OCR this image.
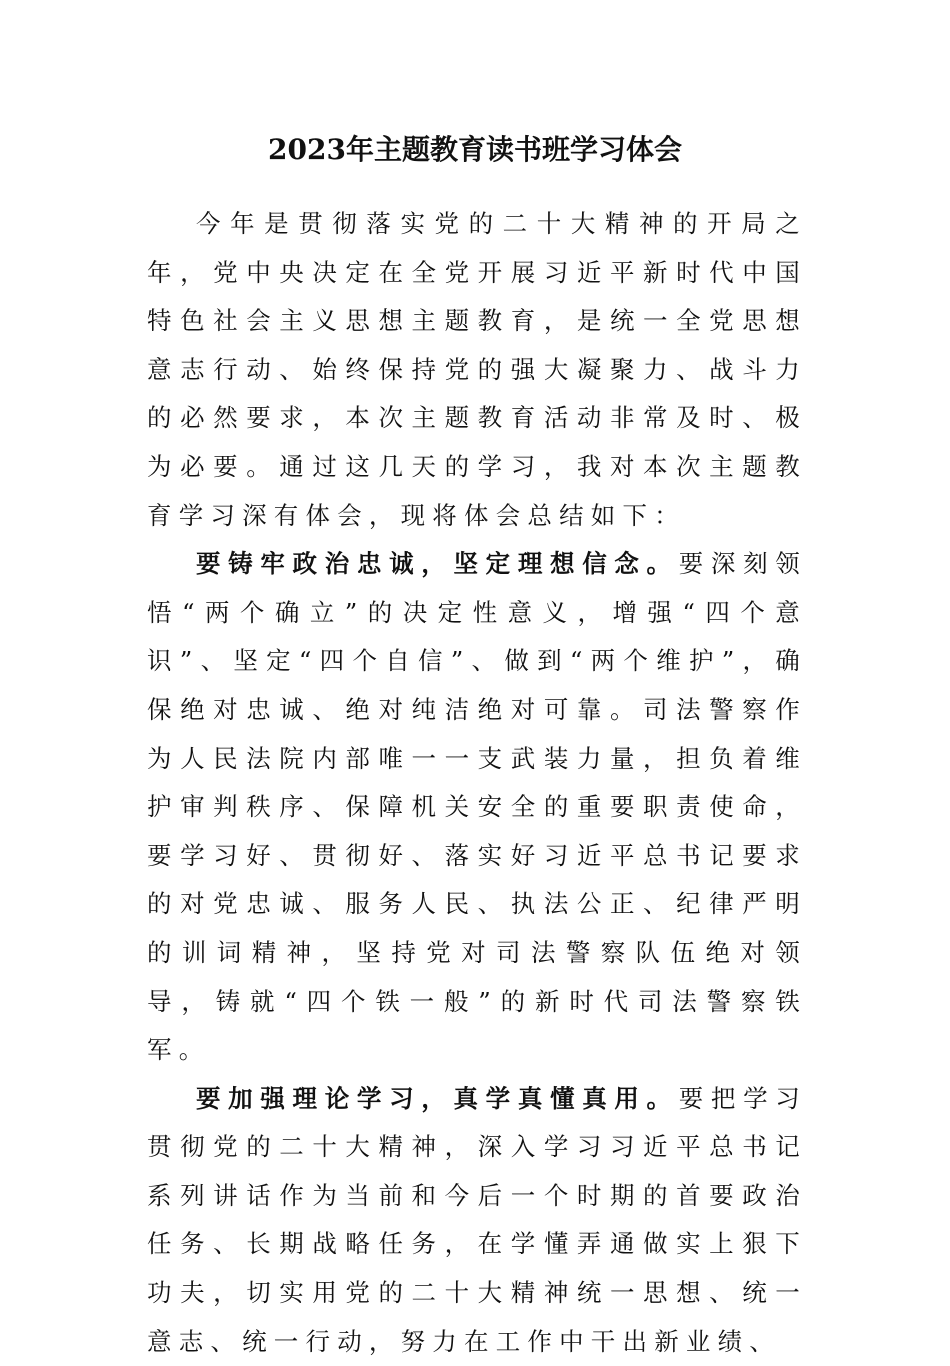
2023年主题教育读书班学习体会

今年是贯彻落实党的二十大精神的开局之年，党中央决定在全党开展习近平新时代中国特色社会主义思想主题教育，是统一全党思想意志行动、始终保持党的强大凝聚力、战斗力的必然要求，本次主题教育活动非常及时、极为必要。通过这几天的学习，我对本次主题教育学习深有体会，现将体会总结如下：

要铸牢政治忠诚，坚定理想信念。要深刻领悟“两个确立”的决定性意义，增强“四个意识”、坚定“四个自信”、做到“两个维护”，确保绝对忠诚、绝对纯洁绝对可靠。司法警察作为人民法院内部唯一一支武装力量，担负着维护审判秩序、保障机关安全的重要职责使命，要学习好、贯彻好、落实好习近平总书记要求的对党忠诚、服务人民、执法公正、纪律严明的训词精神，坚持党对司法警察队伍绝对领导，铸就“四个铁一般”的新时代司法警察铁军。

要加强理论学习，真学真懂真用。要把学习贯彻党的二十大精神，深入学习习近平总书记系列讲话作为当前和今后一个时期的首要政治任务、长期战略任务，在学懂弄通做实上狠下功夫，切实用党的二十大精神统一思想、统一意志、统一行动，努力在工作中干出新业绩、
